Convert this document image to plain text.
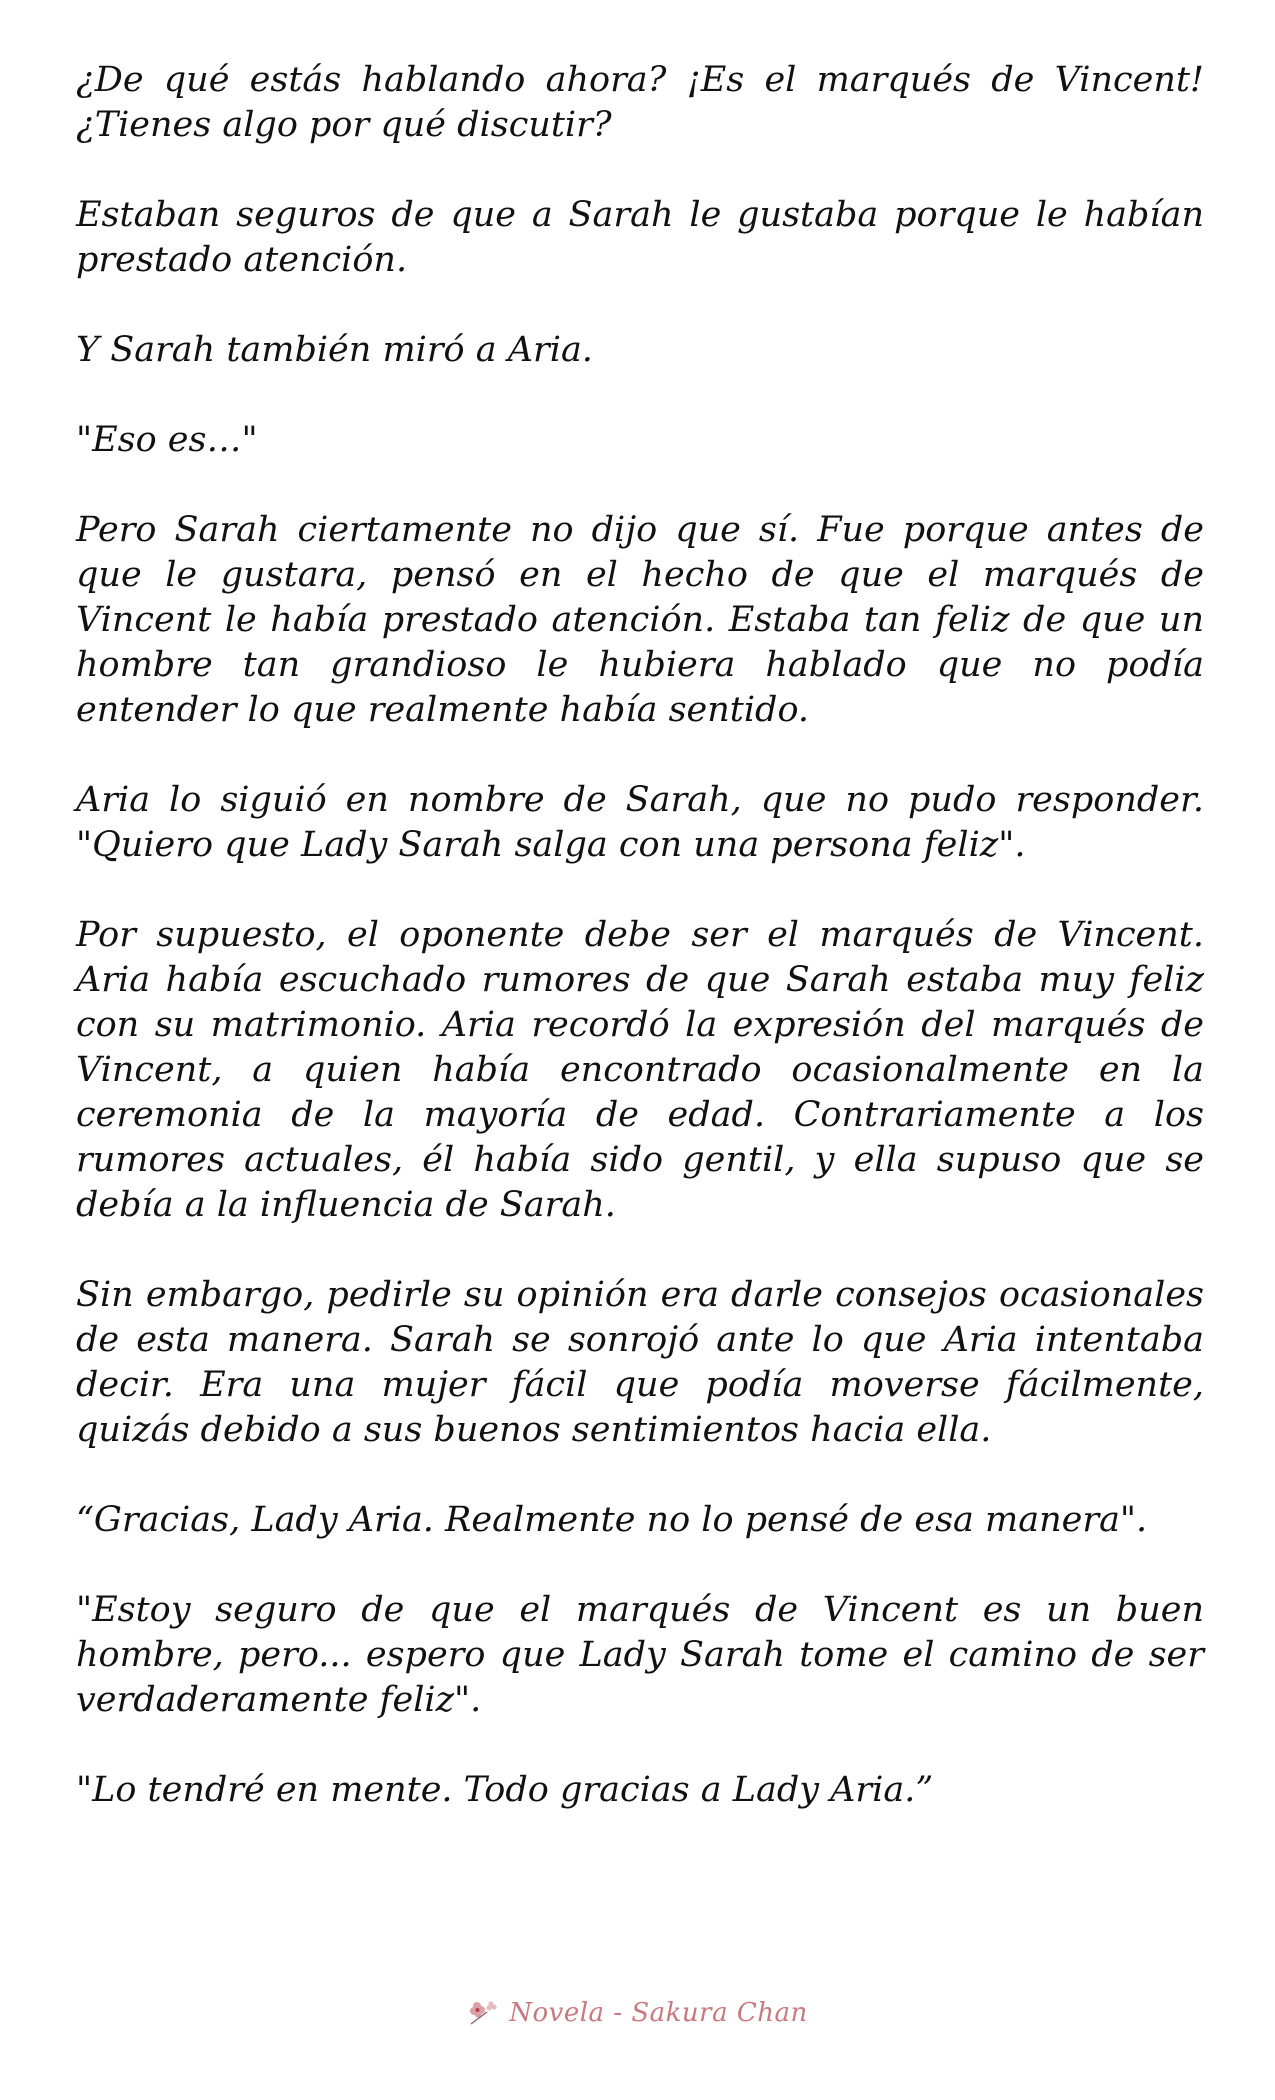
¿De qué estás hablando ahora? ¡Es el marqués de Vincent! ¿Tienes algo por qué discutir?

Estaban seguros de que a Sarah le gustaba porque le habían prestado atención.

Y Sarah también miró a Aria.

"Eso es…"

Pero Sarah ciertamente no dijo que sí. Fue porque antes de que le gustara, pensó en el hecho de que el marqués de Vincent le había prestado atención. Estaba tan feliz de que un hombre tan grandioso le hubiera hablado que no podía entender lo que realmente había sentido.

Aria lo siguió en nombre de Sarah, que no pudo responder. "Quiero que Lady Sarah salga con una persona feliz".

Por supuesto, el oponente debe ser el marqués de Vincent. Aria había escuchado rumores de que Sarah estaba muy feliz con su matrimonio. Aria recordó la expresión del marqués de Vincent, a quien había encontrado ocasionalmente en la ceremonia de la mayoría de edad. Contrariamente a los rumores actuales, él había sido gentil, y ella supuso que se debía a la influencia de Sarah.

Sin embargo, pedirle su opinión era darle consejos ocasionales de esta manera. Sarah se sonrojó ante lo que Aria intentaba decir. Era una mujer fácil que podía moverse fácilmente, quizás debido a sus buenos sentimientos hacia ella.

“Gracias, Lady Aria. Realmente no lo pensé de esa manera".

"Estoy seguro de que el marqués de Vincent es un buen hombre, pero... espero que Lady Sarah tome el camino de ser verdaderamente feliz".

"Lo tendré en mente. Todo gracias a Lady Aria.”

Novela - Sakura Chan
